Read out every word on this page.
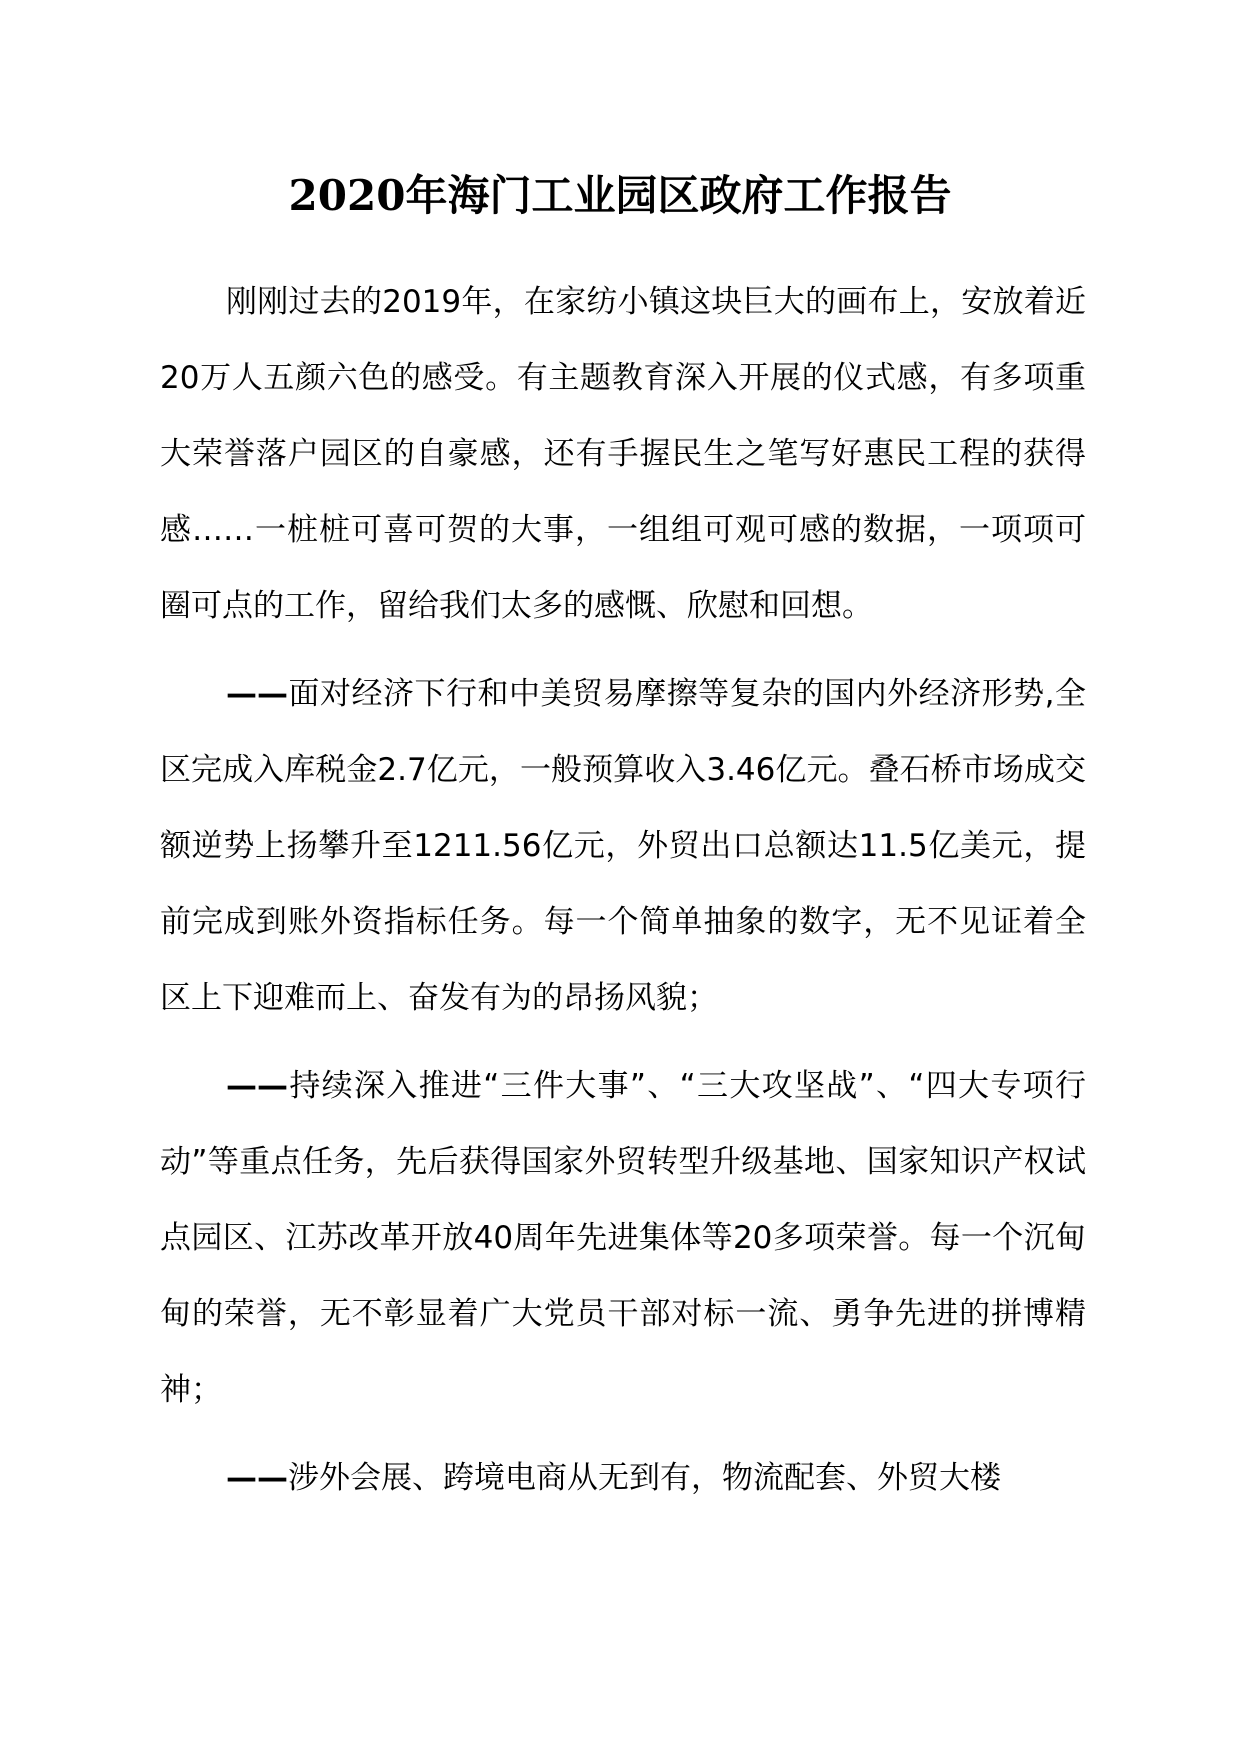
2020年海门工业园区政府工作报告

刚刚过去的2019年，在家纺小镇这块巨大的画布上，安放着近20万人五颜六色的感受。有主题教育深入开展的仪式感，有多项重大荣誉落户园区的自豪感，还有手握民生之笔写好惠民工程的获得感……一桩桩可喜可贺的大事，一组组可观可感的数据，一项项可圈可点的工作，留给我们太多的感慨、欣慰和回想。

——面对经济下行和中美贸易摩擦等复杂的国内外经济形势,全区完成入库税金2.7亿元，一般预算收入3.46亿元。叠石桥市场成交额逆势上扬攀升至1211.56亿元，外贸出口总额达11.5亿美元，提前完成到账外资指标任务。每一个简单抽象的数字，无不见证着全区上下迎难而上、奋发有为的昂扬风貌；

——持续深入推进“三件大事”、“三大攻坚战”、“四大专项行动”等重点任务，先后获得国家外贸转型升级基地、国家知识产权试点园区、江苏改革开放40周年先进集体等20多项荣誉。每一个沉甸甸的荣誉，无不彰显着广大党员干部对标一流、勇争先进的拼博精神；

——涉外会展、跨境电商从无到有，物流配套、外贸大楼
